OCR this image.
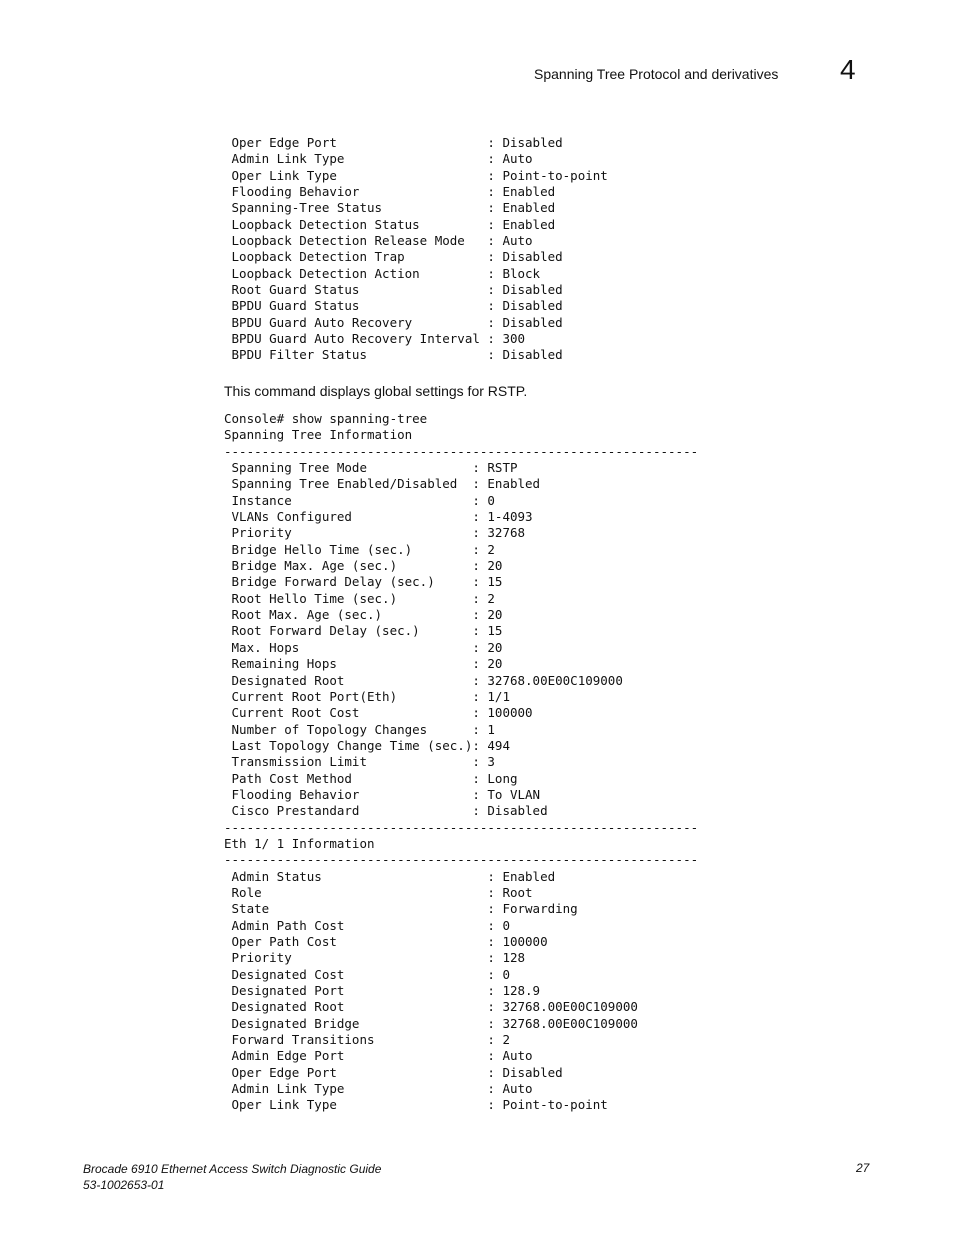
Spanning Tree Protocol and derivatives 4
Oper Edge Port                    : Disabled
Admin Link Type                   : Auto
Oper Link Type                    : Point-to-point
Flooding Behavior                 : Enabled
Spanning-Tree Status              : Enabled
Loopback Detection Status         : Enabled
Loopback Detection Release Mode   : Auto
Loopback Detection Trap           : Disabled
Loopback Detection Action         : Block
Root Guard Status                 : Disabled
BPDU Guard Status                 : Disabled
BPDU Guard Auto Recovery          : Disabled
BPDU Guard Auto Recovery Interval : 300
BPDU Filter Status                : Disabled

This command displays global settings for RSTP.

Console# show spanning-tree
Spanning Tree Information
---------------------------------------------------------------
Spanning Tree Mode              : RSTP
Spanning Tree Enabled/Disabled  : Enabled
Instance                        : 0
VLANs Configured                : 1-4093
Priority                        : 32768
Bridge Hello Time (sec.)        : 2
Bridge Max. Age (sec.)          : 20
Bridge Forward Delay (sec.)     : 15
Root Hello Time (sec.)          : 2
Root Max. Age (sec.)            : 20
Root Forward Delay (sec.)       : 15
Max. Hops                       : 20
Remaining Hops                  : 20
Designated Root                 : 32768.00E00C109000
Current Root Port(Eth)          : 1/1
Current Root Cost               : 100000
Number of Topology Changes      : 1
Last Topology Change Time (sec.): 494
Transmission Limit              : 3
Path Cost Method                : Long
Flooding Behavior               : To VLAN
Cisco Prestandard               : Disabled
---------------------------------------------------------------
Eth 1/ 1 Information
---------------------------------------------------------------
Admin Status                      : Enabled
Role                              : Root
State                             : Forwarding
Admin Path Cost                   : 0
Oper Path Cost                    : 100000
Priority                          : 128
Designated Cost                   : 0
Designated Port                   : 128.9
Designated Root                   : 32768.00E00C109000
Designated Bridge                 : 32768.00E00C109000
Forward Transitions               : 2
Admin Edge Port                   : Auto
Oper Edge Port                    : Disabled
Admin Link Type                   : Auto
Oper Link Type                    : Point-to-point
Brocade 6910 Ethernet Access Switch Diagnostic Guide
53-1002653-01
27
